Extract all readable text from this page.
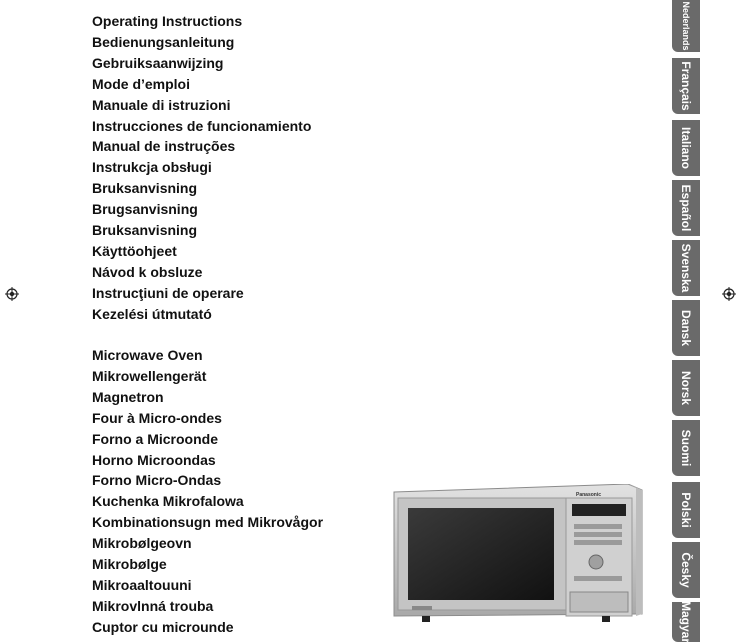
Operating Instructions
Bedienungsanleitung
Gebruiksaanwijzing
Mode d’emploi
Manuale di istruzioni
Instrucciones de funcionamiento
Manual de instruções
Instrukcja obsługi
Bruksanvisning
Brugsanvisning
Bruksanvisning
Käyttöohjeet
Návod k obsluze
Instrucţiuni de operare
Kezelési útmutató
Microwave Oven
Mikrowellengerät
Magnetron
Four à Micro-ondes
Forno a Microonde
Horno Microondas
Forno Micro-Ondas
Kuchenka Mikrofalowa
Kombinationsugn med Mikrovågor
Mikrobølgeovn
Mikrobølge
Mikroaaltouuni
Mikrovlnná trouba
Cuptor cu microunde
Nederlands
Français
Italiano
Español
Svenska
Dansk
Norsk
Suomi
Polski
Česky
Magyar
Panasonic
